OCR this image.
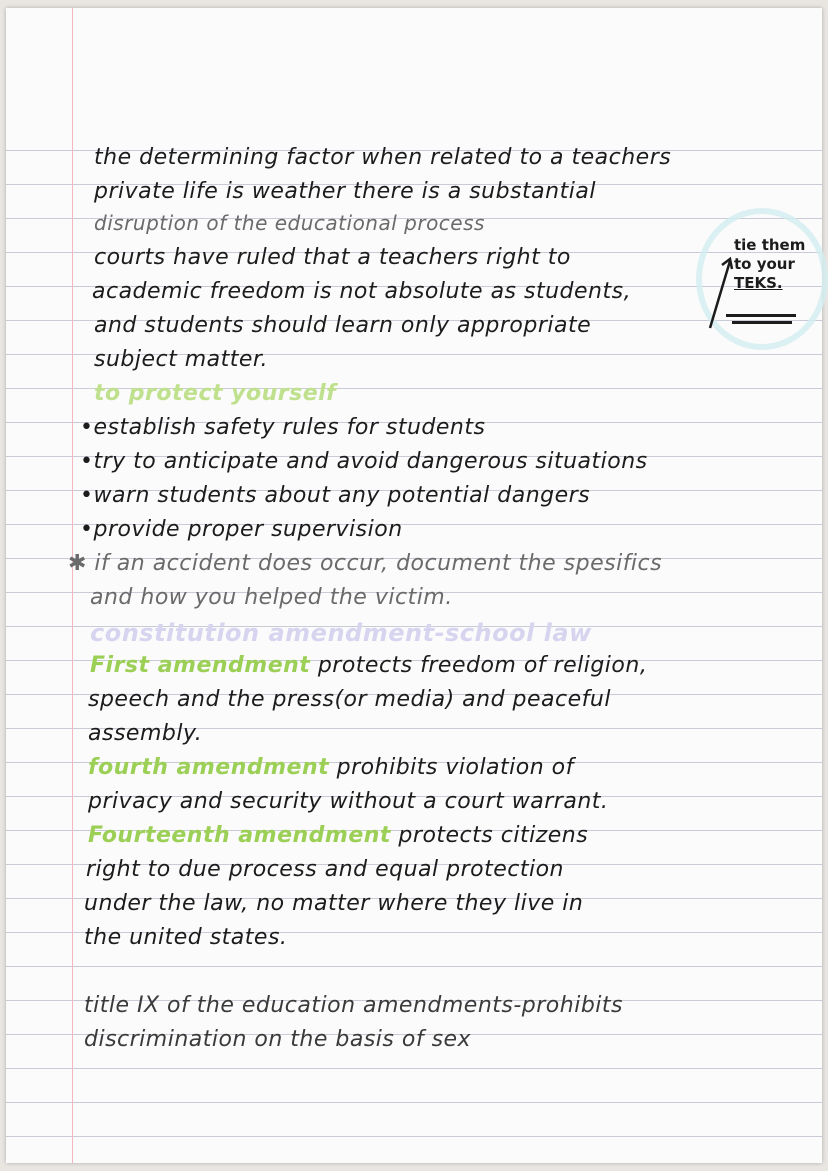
tie them
to your
TEKS.
the determining factor when related to a teachers
private life is weather there is a substantial
disruption of the educational process
courts have ruled that a teachers right to
academic freedom is not absolute as students,
and students should learn only appropriate
subject matter.
to protect yourself
•establish safety rules for students
•try to anticipate and avoid dangerous situations
•warn students about any potential dangers
•provide proper supervision
✱ if an accident does occur, document the spesifics
and how you helped the victim.
constitution amendment-school law
First amendment protects freedom of religion,
speech and the press(or media) and peaceful
assembly.
fourth amendment prohibits violation of
privacy and security without a court warrant.
Fourteenth amendment protects citizens
right to due process and equal protection
under the law, no matter where they live in
the united states.
title IX of the education amendments-prohibits
discrimination on the basis of sex
